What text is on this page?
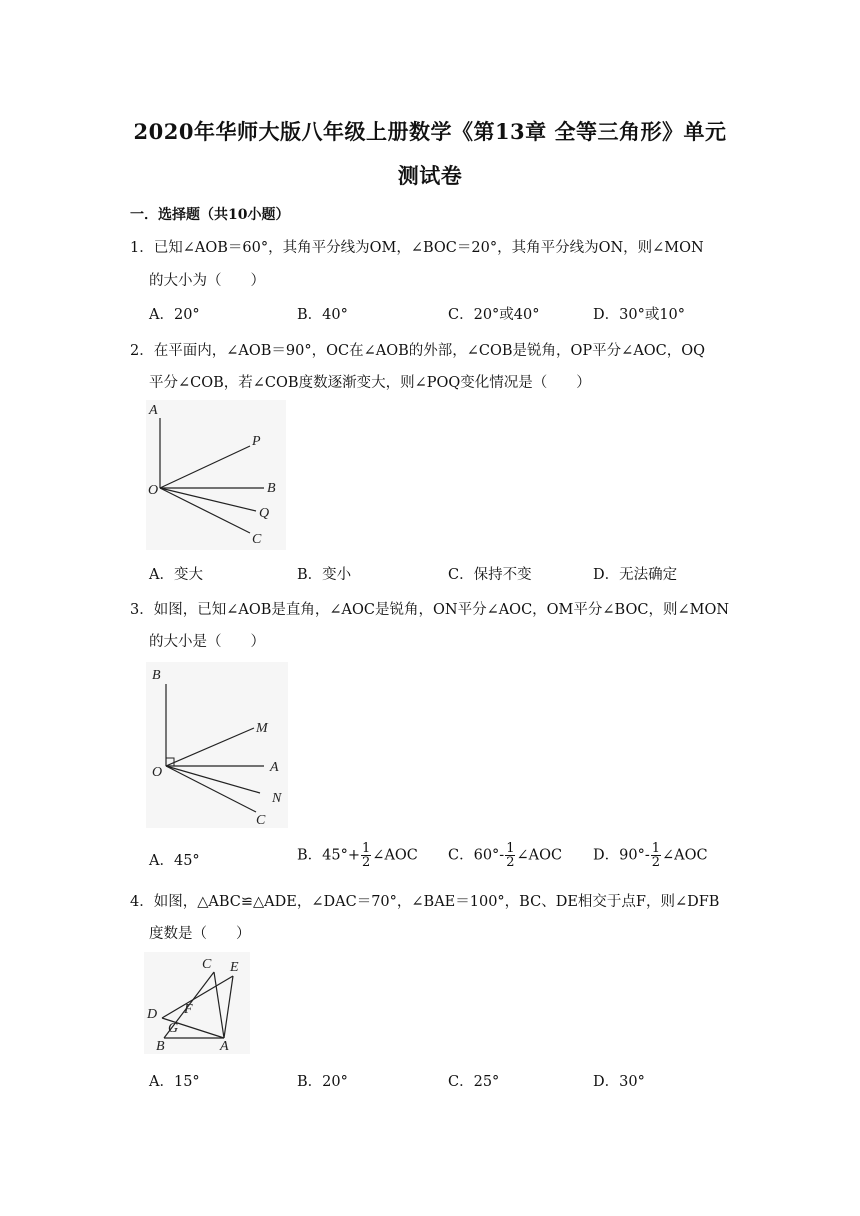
2020年华师大版八年级上册数学《第13章 全等三角形》单元
测试卷
一．选择题（共10小题）
1．已知∠AOB＝60°，其角平分线为OM，∠BOC＝20°，其角平分线为ON，则∠MON
的大小为（　　）
A．20°	B．40°	C．20°或40°	D．30°或10°
2．在平面内，∠AOB＝90°，OC在∠AOB的外部，∠COB是锐角，OP平分∠AOC，OQ
平分∠COB，若∠COB度数逐渐变大，则∠POQ变化情况是（　　）
A
P
O	B
Q
C
A．变大	B．变小	C．保持不变	D．无法确定
3．如图，已知∠AOB是直角，∠AOC是锐角，ON平分∠AOC，OM平分∠BOC，则∠MON
的大小是（　　）
B
M
O	A
N
C
A．45°	B．$45^\circ+ \frac{1}{2}$ ∠AOC C．$60^\circ- \frac{1}{2}$ ∠AOC D．$90^\circ- \frac{1}{2}$ ∠AOC
4．如图，△ABC≌△ADE，∠DAC＝70°，∠BAE＝100°，BC、DE相交于点F，则∠DFB
度数是（　　）
C E
D F
G
B	A
A．15°	B．20°	C．25°	D．30°
